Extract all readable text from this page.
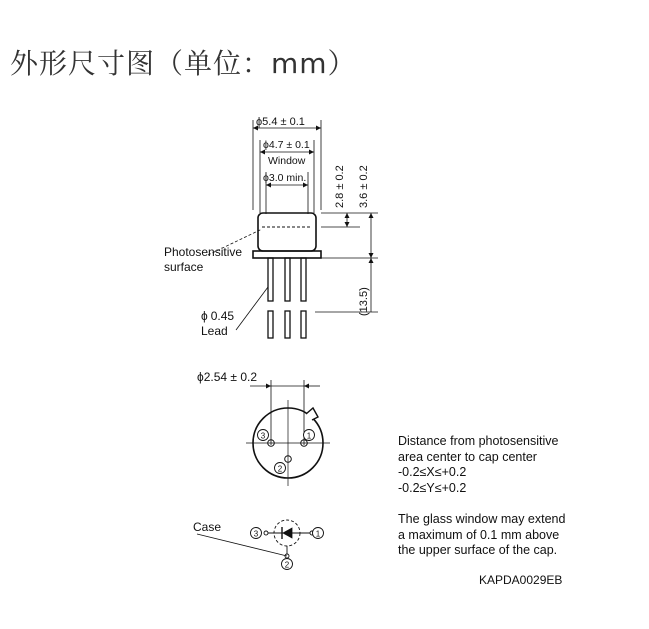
外形尺寸图（单位：mm）
ϕ5.4 ± 0.1
ϕ4.7 ± 0.1
Window
ϕ3.0 min.	2.8 ± 0.2 3.6 ± 0.2
(13.5)
Photosensitive
surface
ϕ 0.45
Lead
ϕ2.54 ± 0.2
3	1
2
Case	3	1
2
Distance from photosensitive
area center to cap center
-0.2≤X≤+0.2
-0.2≤Y≤+0.2
The glass window may extend
a maximum of 0.1 mm above
the upper surface of the cap.
KAPDA0029EB
